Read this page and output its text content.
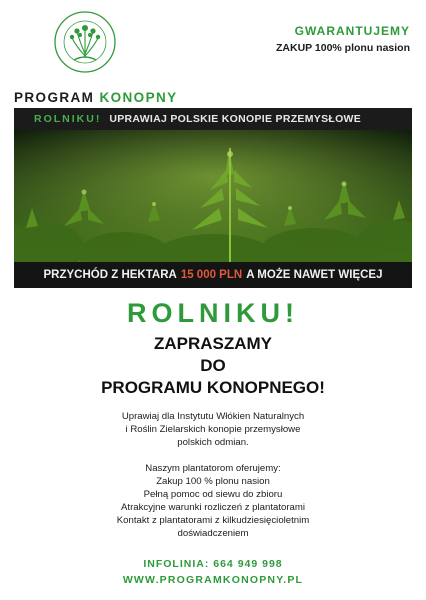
PROGRAM KONOPNY
GWARANTUJEMY
ZAKUP 100% plonu nasion
ROLNIKU! UPRAWIAJ POLSKIE KONOPIE PRZEMYSŁOWE
PRZYCHÓD Z HEKTARA 15 000 PLN A MOŻE NAWET WIĘCEJ
ROLNIKU!
ZAPRASZAMY
DO
PROGRAMU KONOPNEGO!
Uprawiaj dla Instytutu Włókien Naturalnych
i Roślin Zielarskich konopie przemysłowe
polskich odmian.
Naszym plantatorom oferujemy:
Zakup 100 % plonu nasion
Pełną pomoc od siewu do zbioru
Atrakcyjne warunki rozliczeń z plantatorami
Kontakt z plantatorami z kilkudziesięcioletnim
doświadczeniem
INFOLINIA: 664 949 998
WWW.PROGRAMKONOPNY.PL
